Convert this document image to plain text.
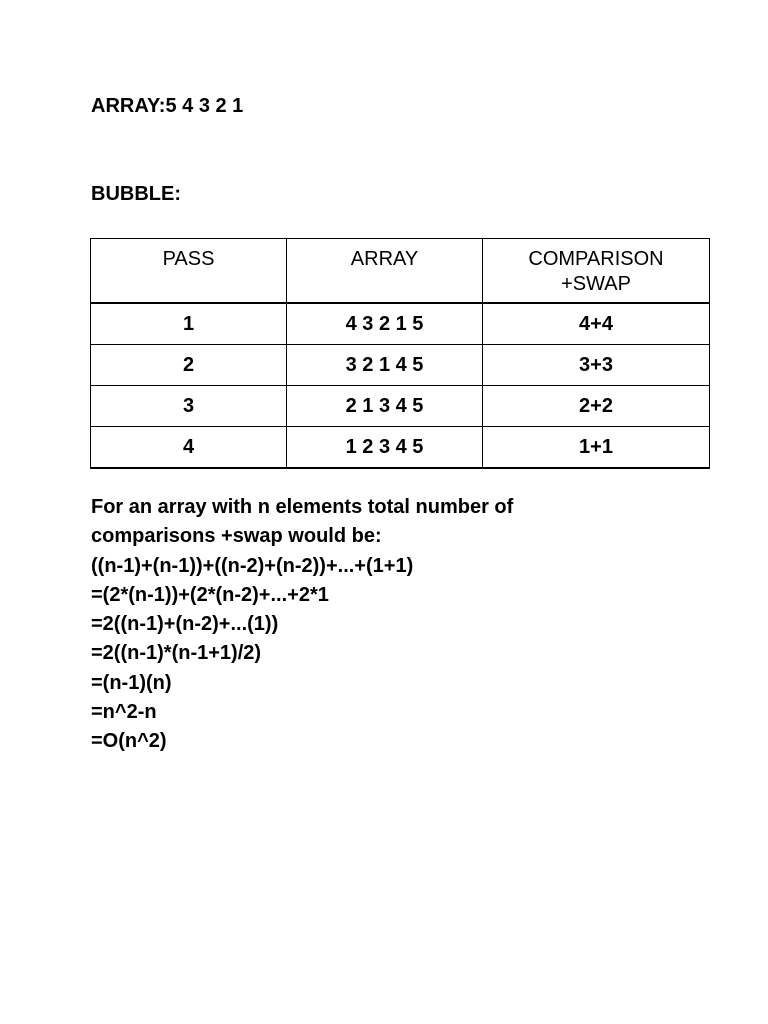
ARRAY:5 4 3 2 1
BUBBLE:
PASS	ARRAY	COMPARISON
+SWAP
1	4 3 2 1 5	4+4
2	3 2 1 4 5	3+3
3	2 1 3 4 5	2+2
4	1 2 3 4 5	1+1
For an array with n elements total number of
comparisons +swap would be:
((n-1)+(n-1))+((n-2)+(n-2))+...+(1+1)
=(2*(n-1))+(2*(n-2)+...+2*1
=2((n-1)+(n-2)+...(1))
=2((n-1)*(n-1+1)/2)
=(n-1)(n)
=n^2-n
=O(n^2)
